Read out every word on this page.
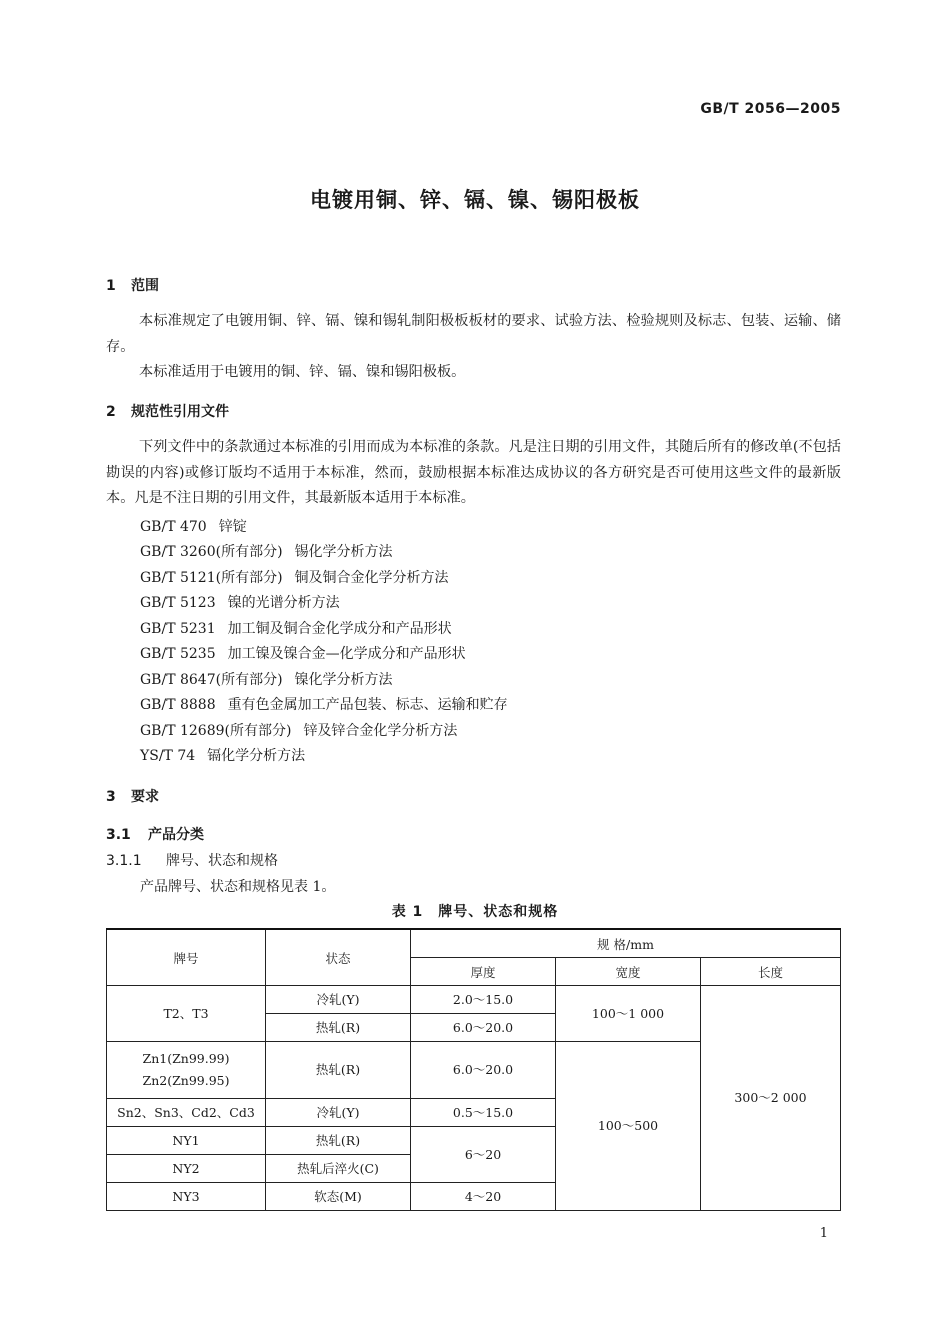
GB/T 2056—2005
电镀用铜、锌、镉、镍、锡阳极板
1 范围

本标准规定了电镀用铜、锌、镉、镍和锡轧制阳极板板材的要求、试验方法、检验规则及标志、包装、运输、储存。

本标准适用于电镀用的铜、锌、镉、镍和锡阳极板。

2 规范性引用文件

下列文件中的条款通过本标准的引用而成为本标准的条款。凡是注日期的引用文件，其随后所有的修改单(不包括勘误的内容)或修订版均不适用于本标准，然而，鼓励根据本标准达成协议的各方研究是否可使用这些文件的最新版本。凡是不注日期的引用文件，其最新版本适用于本标准。

GB/T 470 锌锭
GB/T 3260(所有部分) 锡化学分析方法
GB/T 5121(所有部分) 铜及铜合金化学分析方法
GB/T 5123 镍的光谱分析方法
GB/T 5231 加工铜及铜合金化学成分和产品形状
GB/T 5235 加工镍及镍合金—化学成分和产品形状
GB/T 8647(所有部分) 镍化学分析方法
GB/T 8888 重有色金属加工产品包装、标志、运输和贮存
GB/T 12689(所有部分) 锌及锌合金化学分析方法
YS/T 74 镉化学分析方法
3 要求
3.1 产品分类
3.1.1 牌号、状态和规格
产品牌号、状态和规格见表 1。
表 1　牌号、状态和规格
牌号	状态	规 格/mm		
		厚度	宽度	长度
T2、T3	冷轧(Y)	2.0～15.0	100～1 000	300～2 000
	热轧(R)	6.0～20.0		

Zn1(Zn99.99)
Zn2(Zn99.95)	热轧(R)	6.0～20.0	100～500	
Sn2、Sn3、Cd2、Cd3	冷轧(Y)	0.5～15.0		
NY1	热轧(R)	6～20		
NY2	热轧后淬火(C)			
NY3	软态(M)	4～20		
1
